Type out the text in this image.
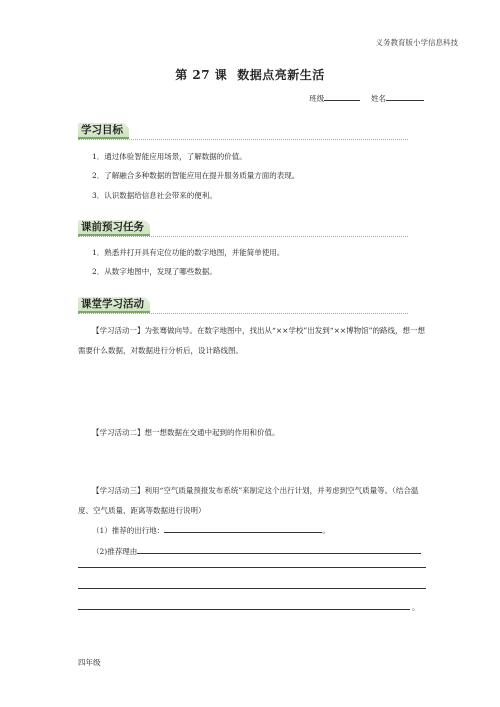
义务教育版小学信息科技
第 27 课 数据点亮新生活
班级	姓名
学习目标
1．通过体验智能应用场景，了解数据的价值。
2．了解融合多种数据的智能应用在提升服务质量方面的表现。
3．认识数据给信息社会带来的便利。
课前预习任务
1．熟悉并打开具有定位功能的数字地图，并能简单使用。
2．从数字地图中，发现了哪些数据。
课堂学习活动
【学习活动一】为张骞做向导。在数字地图中，找出从“××学校”出发到“××博物馆”的路线，想一想需要什么数据，对数据进行分析后，设计路线图。
【学习活动二】想一想数据在交通中起到的作用和价值。
【学习活动三】利用“空气质量预报发布系统”来制定这个出行计划，并考虑到空气质量等。（结合温度、空气质量、距离等数据进行说明）
（1）推荐的出行地：	。
（2)推荐理由
。
四年级
